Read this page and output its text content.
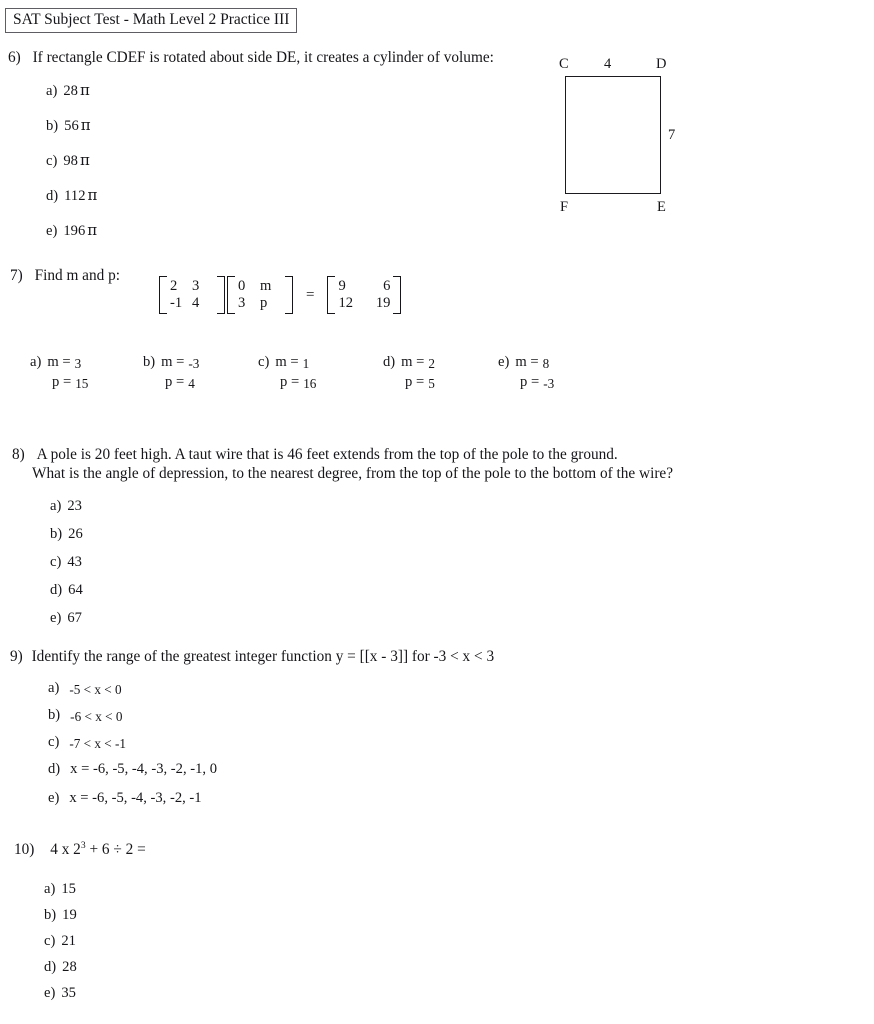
SAT Subject Test - Math Level 2 Practice III
6) If rectangle CDEF is rotated about side DE, it creates a cylinder of volume:
a) 28 π
b) 56 π
c) 98 π
d) 112 π
e) 196 π
C 4	D
7
F	E
7) Find m and p:
2 3
-1 4
0 m
3 p
=
9	6
12 19
a) m = 3
p = 15
b) m = -3
p = 4
c) m = 1
p = 16
d) m = 2
p = 5
e) m = 8
p = -3
8) A pole is 20 feet high. A taut wire that is 46 feet extends from the top of the pole to the ground.
What is the angle of depression, to the nearest degree, from the top of the pole to the bottom of the wire?
a) 23
b) 26
c) 43
d) 64
e) 67
9) Identify the range of the greatest integer function y = [[x - 3]] for -3 < x < 3
a) -5 < x < 0
b) -6 < x < 0
c) -7 < x < -1
d) x = -6, -5, -4, -3, -2, -1, 0
e) x = -6, -5, -4, -3, -2, -1
10) 4 x $2^3 + 6 \div 2$ =
a) 15
b) 19
c) 21
d) 28
e) 35
